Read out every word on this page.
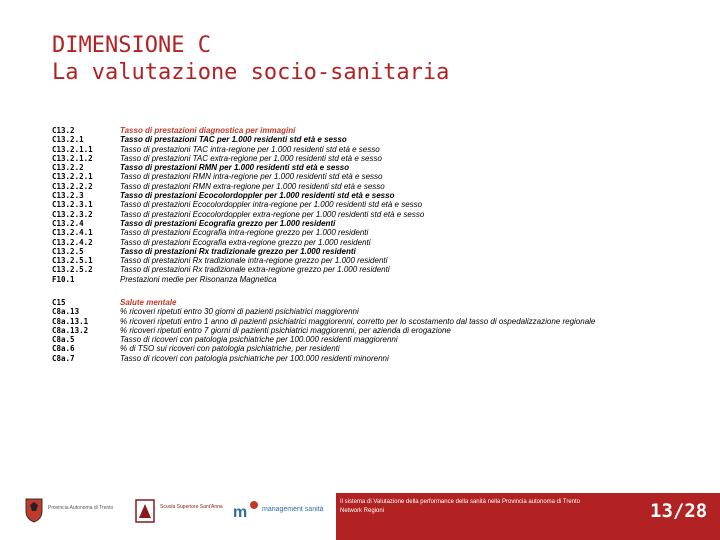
DIMENSIONE C
La valutazione socio-sanitaria
C13.2	Tasso di prestazioni diagnostica per immagini
C13.2.1	Tasso di prestazioni TAC per 1.000 residenti std età e sesso
C13.2.1.1	Tasso di prestazioni TAC intra-regione per 1.000 residenti std età e sesso
C13.2.1.2	Tasso di prestazioni TAC extra-regione per 1.000 residenti std età e sesso
C13.2.2	Tasso di prestazioni RMN per 1.000 residenti std età e sesso
C13.2.2.1	Tasso di prestazioni RMN intra-regione per 1.000 residenti std età e sesso
C13.2.2.2	Tasso di prestazioni RMN extra-regione per 1.000 residenti std età e sesso
C13.2.3	Tasso di prestazioni Ecocolordoppler per 1.000 residenti std età e sesso
C13.2.3.1	Tasso di prestazioni Ecocolordoppler intra-regione per 1.000 residenti std età e sesso
C13.2.3.2	Tasso di prestazioni Ecocolordoppler extra-regione per 1.000 residenti std età e sesso
C13.2.4	Tasso di prestazioni Ecografia grezzo per 1.000 residenti
C13.2.4.1	Tasso di prestazioni Ecografia intra-regione grezzo per 1.000 residenti
C13.2.4.2	Tasso di prestazioni Ecografia extra-regione grezzo per 1.000 residenti
C13.2.5	Tasso di prestazioni Rx tradizionale grezzo per 1.000 residenti
C13.2.5.1	Tasso di prestazioni Rx tradizionale intra-regione grezzo per 1.000 residenti
C13.2.5.2	Tasso di prestazioni Rx tradizionale extra-regione grezzo per 1.000 residenti
F10.1	Prestazioni medie per Risonanza Magnetica
C15	Salute mentale
C8a.13	% ricoveri ripetuti entro 30 giorni di pazienti psichiatrici maggiorenni
C8a.13.1	% ricoveri ripetuti entro 1 anno di pazienti psichiatrici maggiorenni, corretto per lo scostamento dal tasso di ospedalizzazione regionale
C8a.13.2	% ricoveri ripetuti entro 7 giorni di pazienti psichiatrici maggiorenni, per azienda di erogazione
C8a.5	Tasso di ricoveri con patologia psichiatriche per 100.000 residenti maggiorenni
C8a.6	% di TSO sui ricoveri con patologia psichiatriche, per residenti
C8a.7	Tasso di ricoveri con patologia psichiatriche per 100.000 residenti minorenni
Provincia Autonoma di Trento	Scuola Superiore Sant'Anna m management sanità
Il sistema di Valutazione della performance della sanità nella Provincia autonoma di Trento
Network Regioni	13/28
